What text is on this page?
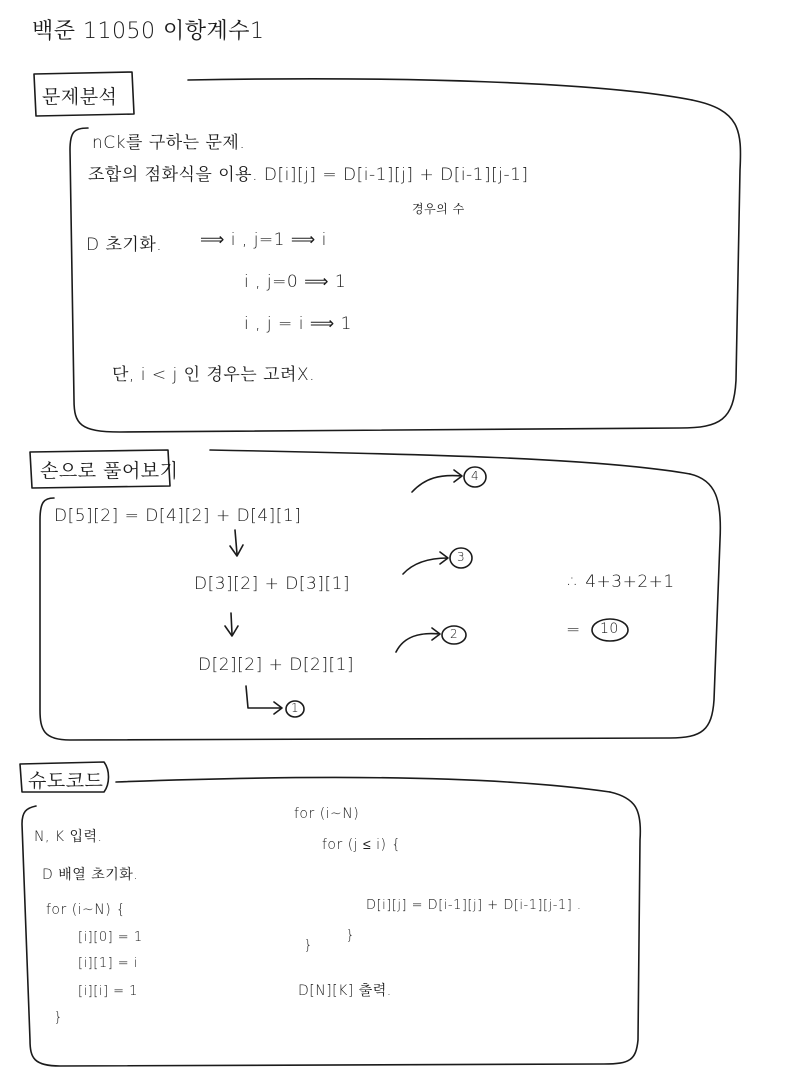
백준 11050 이항계수1
문제분석
nCk를 구하는 문제.
조합의 점화식을 이용. D[i][j] = D[i-1][j] + D[i-1][j-1]
경우의 수
D 초기화. ⟹ i , j=1 ⟹ i
i , j=0 ⟹ 1
i , j = i ⟹ 1
단, i < j 인 경우는 고려X.
손으로 풀어보기
D[5][2] = D[4][2] + D[4][1]
4
D[3][2] + D[3][1]
3
D[2][2] + D[2][1]
2
1
∴ 4+3+2+1
= 10
슈도코드
N, K 입력.
D 배열 초기화.
for (i~N) {
[i][0] = 1
[i][1] = i
[i][i] = 1
}
for (i~N)
for (j ≤ i) {
D[i][j] = D[i-1][j] + D[i-1][j-1] .
}
}
D[N][K] 출력.
